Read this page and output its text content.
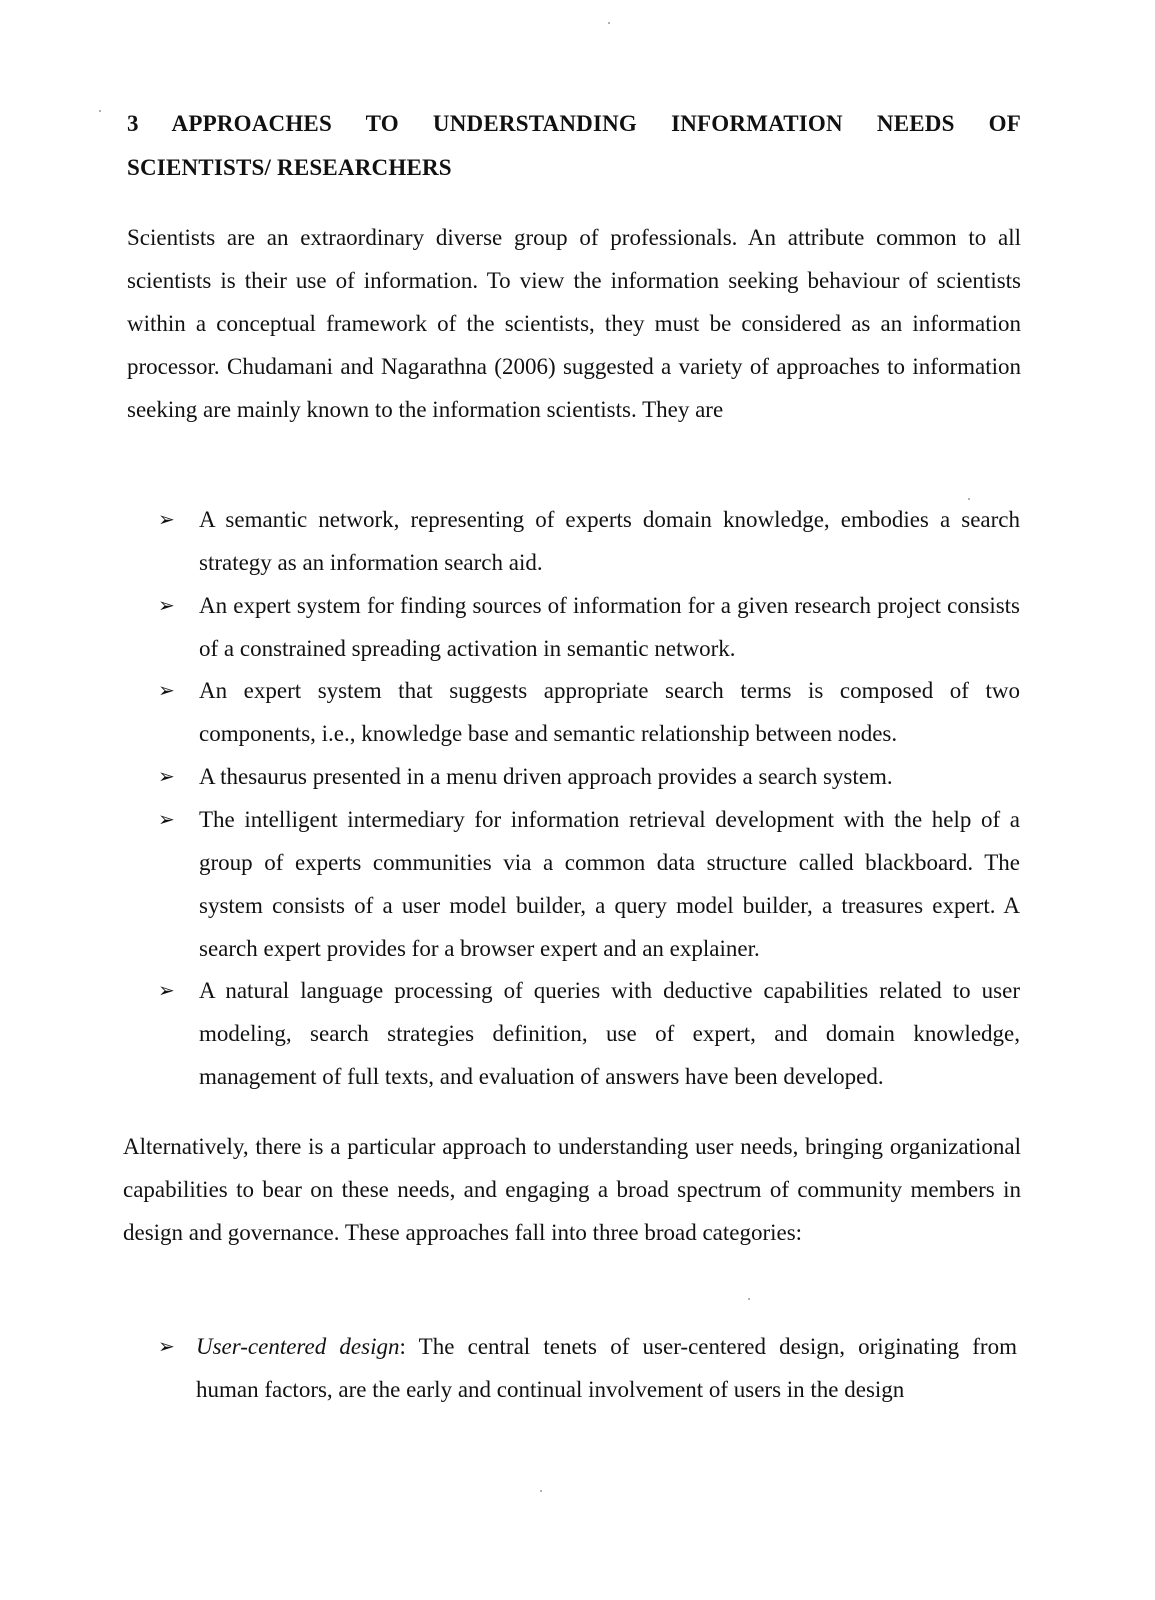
3 APPROACHES TO UNDERSTANDING INFORMATION NEEDS OF
SCIENTISTS/ RESEARCHERS

Scientists are an extraordinary diverse group of professionals. An attribute common to all scientists is their use of information. To view the information seeking behaviour of scientists within a conceptual framework of the scientists, they must be considered as an information processor. Chudamani and Nagarathna (2006) suggested a variety of approaches to information seeking are mainly known to the information scientists. They are

➢	A semantic network, representing of experts domain knowledge, embodies a search strategy as an information search aid.
➢	An expert system for finding sources of information for a given research project consists of a constrained spreading activation in semantic network.
➢	An expert system that suggests appropriate search terms is composed of two components, i.e., knowledge base and semantic relationship between nodes.
➢	A thesaurus presented in a menu driven approach provides a search system.
➢	The intelligent intermediary for information retrieval development with the help of a group of experts communities via a common data structure called blackboard. The system consists of a user model builder, a query model builder, a treasures expert. A search expert provides for a browser expert and an explainer.
➢	A natural language processing of queries with deductive capabilities related to user modeling, search strategies definition, use of expert, and domain knowledge, management of full texts, and evaluation of answers have been developed.

Alternatively, there is a particular approach to understanding user needs, bringing organizational capabilities to bear on these needs, and engaging a broad spectrum of community members in design and governance. These approaches fall into three broad categories:

➢ User-centered design: The central tenets of user-centered design, originating from human factors, are the early and continual involvement of users in the design
